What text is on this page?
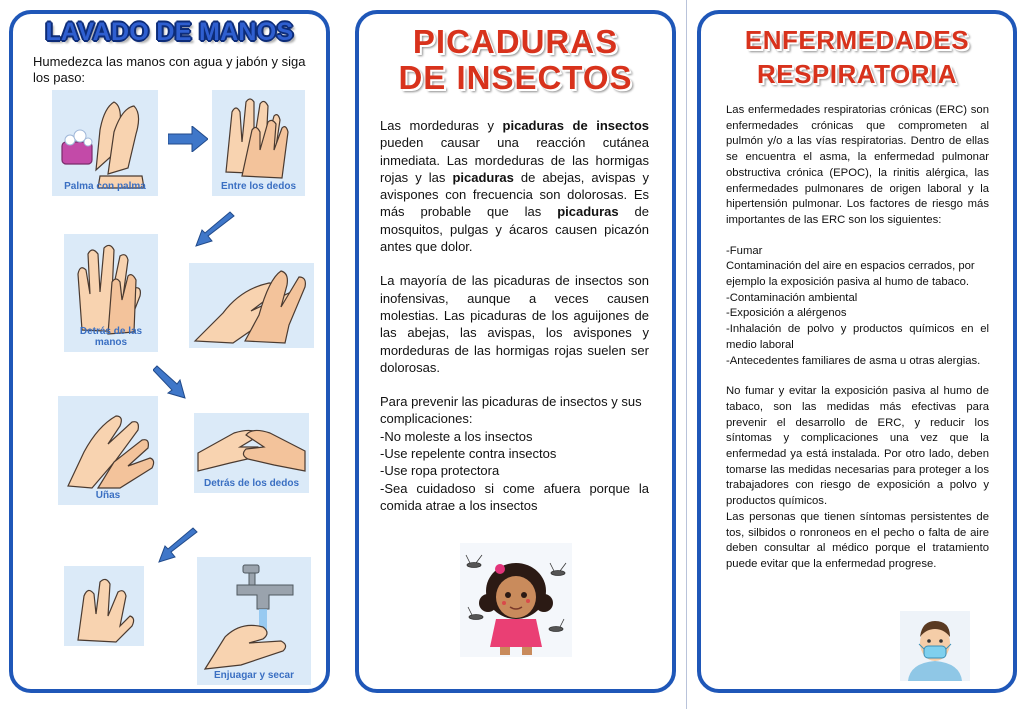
LAVADO DE MANOS
Humedezca las manos con agua y jabón y siga los paso:
Palma con palma	Entre los dedos
Detrás de las manos
Uñas
Detrás de los dedos
Enjuagar y secar
PICADURAS
DE INSECTOS

Las mordeduras y picaduras de insectos pueden causar una reacción cutánea inmediata. Las mordeduras de las hormigas rojas y las picaduras de abejas, avispas y avispones con frecuencia son dolorosas. Es más probable que las picaduras de mosquitos, pulgas y ácaros causen picazón antes que dolor.

La mayoría de las picaduras de insectos son inofensivas, aunque a veces causen molestias. Las picaduras de los aguijones de las abejas, las avispas, los avispones y mordeduras de las hormigas rojas suelen ser dolorosas.

Para prevenir las picaduras de insectos y sus complicaciones:

-No moleste a los insectos

-Use repelente contra insectos

-Use ropa protectora

-Sea cuidadoso si come afuera porque la comida atrae a los insectos

ENFERMEDADES
RESPIRATORIA

Las enfermedades respiratorias crónicas (ERC) son enfermedades crónicas que comprometen al pulmón y/o a las vías respiratorias. Dentro de ellas se encuentra el asma, la enfermedad pulmonar obstructiva crónica (EPOC), la rinitis alérgica, las enfermedades pulmonares de origen laboral y la hipertensión pulmonar. Los factores de riesgo más importantes de las ERC son los siguientes:

-Fumar

Contaminación del aire en espacios cerrados, por ejemplo la exposición pasiva al humo de tabaco.

-Contaminación ambiental

-Exposición a alérgenos

-Inhalación de polvo y productos químicos en el medio laboral

-Antecedentes familiares de asma u otras alergias.

No fumar y evitar la exposición pasiva al humo de tabaco, son las medidas más efectivas para prevenir el desarrollo de ERC, y reducir los síntomas y complicaciones una vez que la enfermedad ya está instalada. Por otro lado, deben tomarse las medidas necesarias para proteger a los trabajadores con riesgo de exposición a polvo y productos químicos.

Las personas que tienen síntomas persistentes de tos, silbidos o ronroneos en el pecho o falta de aire deben consultar al médico porque el tratamiento puede evitar que la enfermedad progrese.
